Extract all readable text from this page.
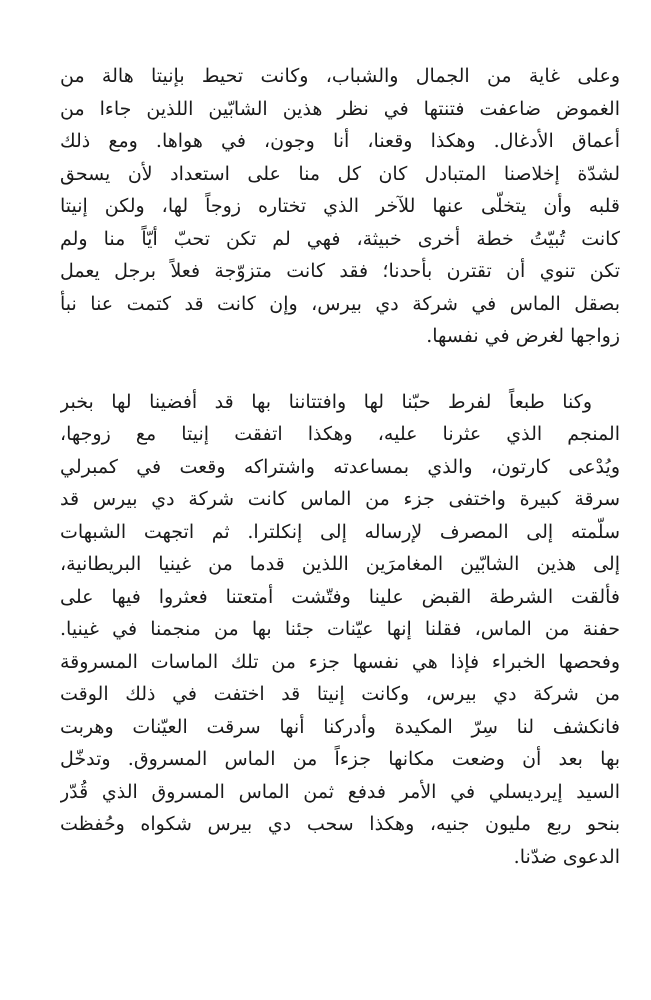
وعلى غاية من الجمال والشباب، وكانت تحيط بإنيتا هالة من
الغموض ضاعفت فتنتها في نظر هذين الشابّين اللذين جاءا من
أعماق الأدغال. وهكذا وقعنا، أنا وجون، في هواها. ومع ذلك
لشدّة إخلاصنا المتبادل كان كل منا على استعداد لأن يسحق
قلبه وأن يتخلّى عنها للآخر الذي تختاره زوجاً لها، ولكن إنيتا
كانت تُبيّتُ خطة أخرى خبيثة، فهي لم تكن تحبّ أيّاً منا ولم
تكن تنوي أن تقترن بأحدنا؛ فقد كانت متزوّجة فعلاً برجل يعمل
بصقل الماس في شركة دي بيرس، وإن كانت قد كتمت عنا نبأ
زواجها لغرض في نفسها.
وكنا طبعاً لفرط حبّنا لها وافتتاننا بها قد أفضينا لها بخبر
المنجم الذي عثرنا عليه، وهكذا اتفقت إنيتا مع زوجها،
ويُدْعى كارتون، والذي بمساعدته واشتراكه وقعت في كمبرلي
سرقة كبيرة واختفى جزء من الماس كانت شركة دي بيرس قد
سلّمته إلى المصرف لإرساله إلى إنكلترا. ثم اتجهت الشبهات
إلى هذين الشابّين المغامرَين اللذين قدما من غينيا البريطانية،
فألقت الشرطة القبض علينا وفتّشت أمتعتنا فعثروا فيها على
حفنة من الماس، فقلنا إنها عيّنات جئنا بها من منجمنا في غينيا.
وفحصها الخبراء فإذا هي نفسها جزء من تلك الماسات المسروقة
من شركة دي بيرس، وكانت إنيتا قد اختفت في ذلك الوقت
فانكشف لنا سِرّ المكيدة وأدركنا أنها سرقت العيّنات وهربت
بها بعد أن وضعت مكانها جزءاً من الماس المسروق. وتدخّل
السيد إيرديسلي في الأمر فدفع ثمن الماس المسروق الذي قُدّر
بنحو ربع مليون جنيه، وهكذا سحب دي بيرس شكواه وحُفظت
الدعوى ضدّنا.
